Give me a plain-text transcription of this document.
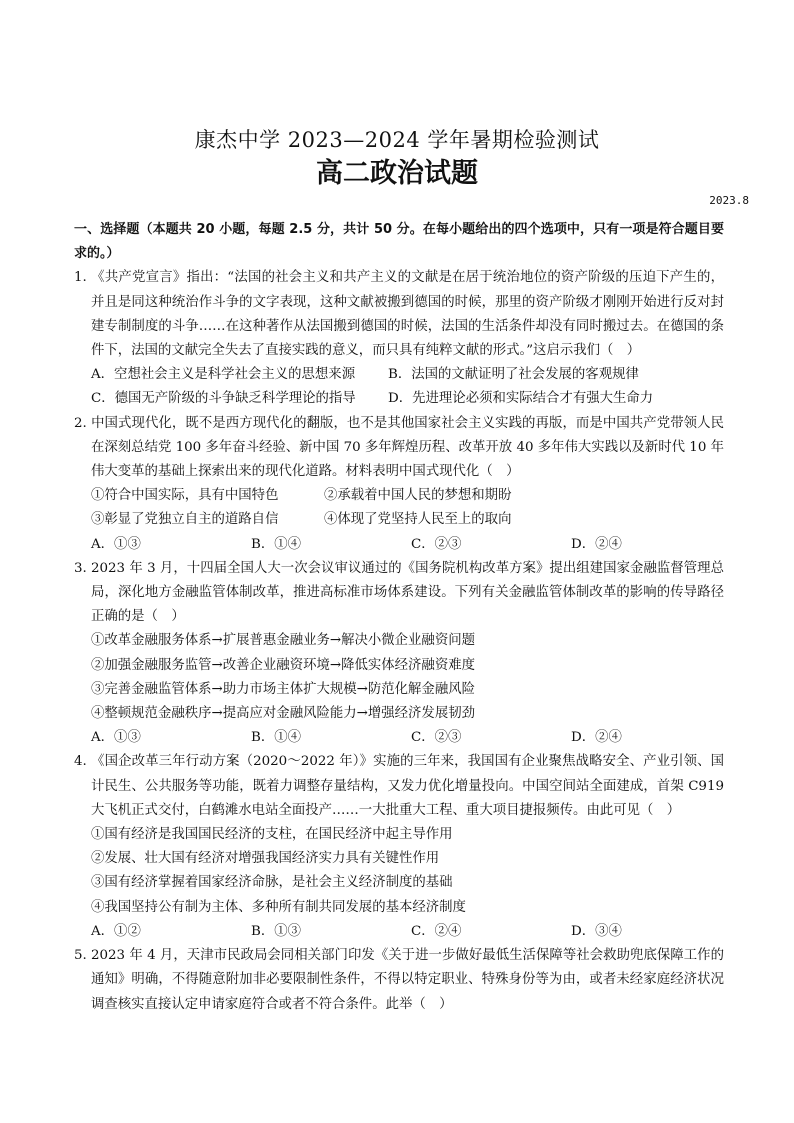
康杰中学 2023—2024 学年暑期检验测试
高二政治试题
2023.8
一、选择题（本题共 20 小题，每题 2.5 分，共计 50 分。在每小题给出的四个选项中，只有一项是符合题目要求的。）
1. 《共产党宣言》指出：“法国的社会主义和共产主义的文献是在居于统治地位的资产阶级的压迫下产生的，并且是同这种统治作斗争的文字表现，这种文献被搬到德国的时候，那里的资产阶级才刚刚开始进行反对封建专制制度的斗争……在这种著作从法国搬到德国的时候，法国的生活条件却没有同时搬过去。在德国的条件下，法国的文献完全失去了直接实践的意义，而只具有纯粹文献的形式。”这启示我们（　）
A．空想社会主义是科学社会主义的思想来源	B．法国的文献证明了社会发展的客观规律
C．德国无产阶级的斗争缺乏科学理论的指导	D．先进理论必须和实际结合才有强大生命力
2. 中国式现代化，既不是西方现代化的翻版，也不是其他国家社会主义实践的再版，而是中国共产党带领人民在深刻总结党 100 多年奋斗经验、新中国 70 多年辉煌历程、改革开放 40 多年伟大实践以及新时代 10 年伟大变革的基础上探索出来的现代化道路。材料表明中国式现代化（　）
①符合中国实际，具有中国特色	②承载着中国人民的梦想和期盼
③彰显了党独立自主的道路自信	④体现了党坚持人民至上的取向
A．①③	B．①④	C．②③	D．②④
3. 2023 年 3 月，十四届全国人大一次会议审议通过的《国务院机构改革方案》提出组建国家金融监督管理总局，深化地方金融监管体制改革，推进高标准市场体系建设。下列有关金融监管体制改革的影响的传导路径正确的是（　）
①改革金融服务体系→扩展普惠金融业务→解决小微企业融资问题
②加强金融服务监管→改善企业融资环境→降低实体经济融资难度
③完善金融监管体系→助力市场主体扩大规模→防范化解金融风险
④整顿规范金融秩序→提高应对金融风险能力→增强经济发展韧劲
A．①③	B．①④	C．②③	D．②④
4. 《国企改革三年行动方案（2020～2022 年）》实施的三年来，我国国有企业聚焦战略安全、产业引领、国计民生、公共服务等功能，既着力调整存量结构，又发力优化增量投向。中国空间站全面建成，首架 C919 大飞机正式交付，白鹤滩水电站全面投产……一大批重大工程、重大项目捷报频传。由此可见（　）
①国有经济是我国国民经济的支柱，在国民经济中起主导作用
②发展、壮大国有经济对增强我国经济实力具有关键性作用
③国有经济掌握着国家经济命脉，是社会主义经济制度的基础
④我国坚持公有制为主体、多种所有制共同发展的基本经济制度
A．①②	B．①③	C．②④	D．③④
5. 2023 年 4 月，天津市民政局会同相关部门印发《关于进一步做好最低生活保障等社会救助兜底保障工作的通知》明确，不得随意附加非必要限制性条件，不得以特定职业、特殊身份等为由，或者未经家庭经济状况调查核实直接认定申请家庭符合或者不符合条件。此举（　）
